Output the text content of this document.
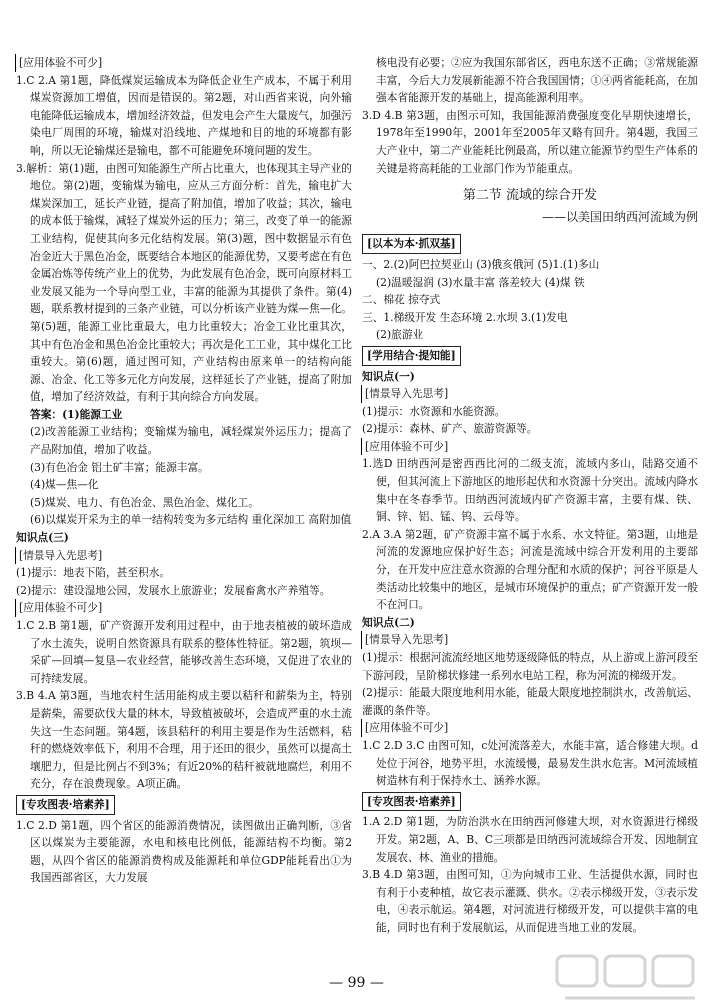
[应用体验不可少]

1.C 2.A 第1题，降低煤炭运输成本为降低企业生产成本，不属于利用煤炭资源加工增值，因而是错误的。第2题，对山西省来说，向外输电能降低运输成本，增加经济效益，但发电会产生大量废气，加强污染电厂周围的环境，输煤对沿线地、产煤地和目的地的环境都有影响，所以无论输煤还是输电，都不可能避免环境问题的发生。

3.解析：第(1)题，由图可知能源生产所占比重大，也体现其主导产业的地位。第(2)题，变输煤为输电，应从三方面分析：首先，输电扩大煤炭深加工，延长产业链，提高了附加值，增加了收益；其次，输电的成本低于输煤，减轻了煤炭外运的压力；第三，改变了单一的能源工业结构，促使其向多元化结构发展。第(3)题，图中数据显示有色冶金近大于黑色冶金，既要结合本地区的能源优势，又要考虑在有色金属冶炼等传统产业上的优势，为此发展有色冶金，既可向原材料工业发展又能为一个导向型工业，丰富的能源为其提供了条件。第(4)题，联系教材提到的三条产业链，可以分析该产业链为煤—焦—化。第(5)题，能源工业比重最大，电力比重较大；冶金工业比重其次，其中有色冶金和黑色冶金比重较大；再次是化工工业，其中煤化工比重较大。第(6)题，通过图可知，产业结构由原来单一的结构向能源、冶金、化工等多元化方向发展，这样延长了产业链，提高了附加值，增加了经济效益，有利于其向综合方向发展。

答案：(1)能源工业

(2)改善能源工业结构；变输煤为输电，减轻煤炭外运压力；提高了产品附加值，增加了收益。

(3)有色冶金 铝土矿丰富；能源丰富。

(4)煤—焦—化

(5)煤炭、电力、有色冶金、黑色冶金、煤化工。

(6)以煤炭开采为主的单一结构转变为多元结构 重化深加工 高附加值

知识点(三)

[情景导入先思考]

(1)提示：地表下陷，甚至积水。

(2)提示：建设湿地公园，发展水上旅游业；发展畜禽水产养殖等。

[应用体验不可少]

1.C 2.B 第1题，矿产资源开发利用过程中，由于地表植被的破坏造成了水土流失，说明自然资源具有联系的整体性特征。第2题，筑坝—采矿—回填—复垦—农业经营，能够改善生态环境，又促进了农业的可持续发展。

3.B 4.A 第3题，当地农村生活用能构成主要以秸秆和薪柴为主，特别是薪柴，需要砍伐大量的林木，导致植被破坏，会造成严重的水土流失这一生态问题。第4题，该县秸秆的利用主要是作为生活燃料，秸秆的燃烧效率低下，利用不合理，用于还田的很少，虽然可以提高土壤肥力，但是比例占不到3%；有近20%的秸秆被就地腐烂，利用不充分，存在浪费现象。A项正确。

[专攻图表·培素养]

1.C 2.D 第1题，四个省区的能源消费情况，读图做出正确判断，③省区以煤炭为主要能源，水电和核电比例低，能源结构不均衡。第2题，从四个省区的能源消费构成及能源耗和单位GDP能耗看出①为我国西部省区，大力发展

核电没有必要；②应为我国东部省区，西电东送不正确；③常规能源丰富，今后大力发展新能源不符合我国国情；①④两省能耗高，在加强本省能源开发的基础上，提高能源利用率。

3.D 4.B 第3题，由图示可知，我国能源消费强度变化早期快速增长，1978年至1990年，2001年至2005年又略有回升。第4题，我国三大产业中，第二产业能耗比例最高，所以建立能源节约型生产体系的关键是将高耗能的工业部门作为节能重点。

第二节 流域的综合开发

——以美国田纳西河流域为例

[以本为本·抓双基]

一、2.(2)阿巴拉契亚山 (3)俄亥俄河 (5)1.(1)多山

(2)温暖湿润 (3)水量丰富 落差较大 (4)煤 铁

二、棉花 掠夺式

三、1.梯级开发 生态环境 2.水坝 3.(1)发电

(2)旅游业

[学用结合·提知能]

知识点(一)

[情景导入先思考]

(1)提示：水资源和水能资源。

(2)提示：森林、矿产、旅游资源等。

[应用体验不可少]

1.选D 田纳西河是密西西比河的二级支流，流域内多山，陆路交通不便，但其河流上下游地区的地形起伏和水资源十分突出。流域内降水集中在冬春季节。田纳西河流域内矿产资源丰富，主要有煤、铁、铜、锌、铝、锰、钨、云母等。

2.A 3.A 第2题，矿产资源丰富不属于水系、水文特征。第3题，山地是河流的发源地应保护好生态；河流是流域中综合开发利用的主要部分，在开发中应注意水资源的合理分配和水质的保护；河谷平原是人类活动比较集中的地区，是城市环境保护的重点；矿产资源开发一般不在河口。

知识点(二)

[情景导入先思考]

(1)提示：根据河流流经地区地势逐级降低的特点，从上游或上游河段至下游河段，呈阶梯状修建一系列水电站工程，称为河流的梯级开发。

(2)提示：能最大限度地利用水能，能最大限度地控制洪水，改善航运、灌溉的条件等。

[应用体验不可少]

1.C 2.D 3.C 由图可知，c处河流落差大，水能丰富，适合修建大坝。d处位于河谷，地势平坦，水流缓慢，最易发生洪水危害。M河流域植树造林有利于保持水土、涵养水源。

[专攻图表·培素养]

1.A 2.D 第1题，为防治洪水在田纳西河修建大坝，对水资源进行梯级开发。第2题，A、B、C三项都是田纳西河流域综合开发、因地制宜发展农、林、渔业的措施。

3.B 4.D 第3题，由图可知，①为向城市工业、生活提供水源，同时也有利于小麦种植，故它表示灌溉、供水。②表示梯级开发，③表示发电，④表示航运。第4题，对河流进行梯级开发，可以提供丰富的电能，同时也有利于发展航运，从而促进当地工业的发展。

— 99 —
